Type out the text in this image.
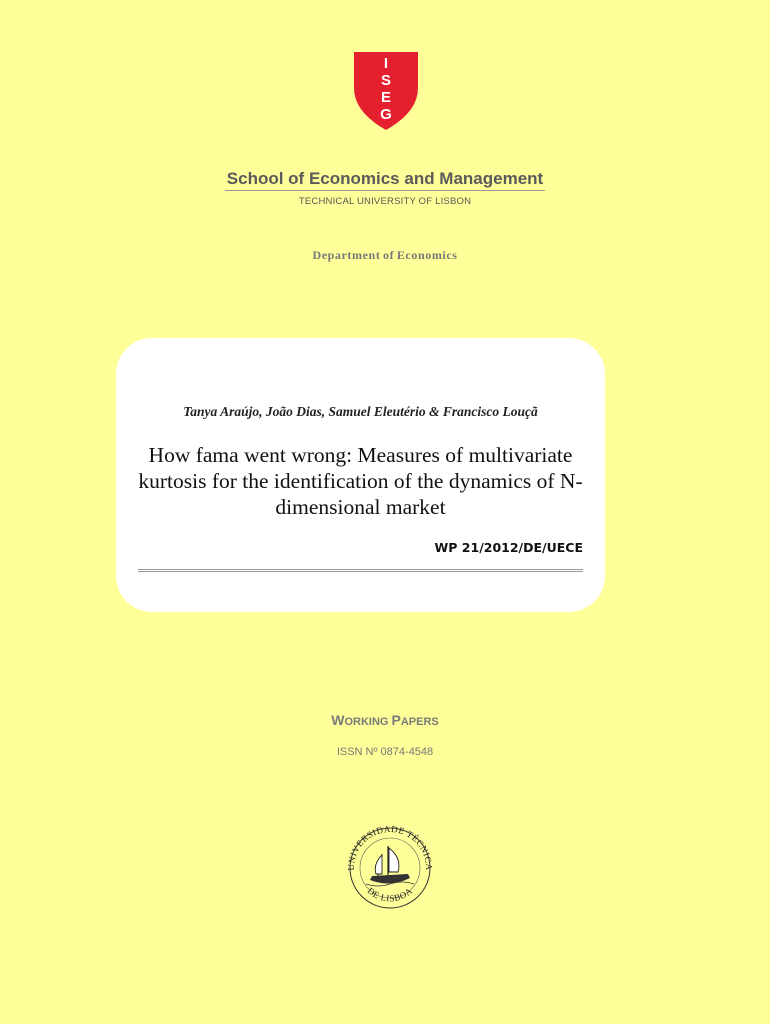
I
S
E
G
School of Economics and Management
TECHNICAL UNIVERSITY OF LISBON
Department of Economics
Tanya Araújo, João Dias, Samuel Eleutério & Francisco Louçã
How fama went wrong: Measures of multivariate kurtosis for the identification of the dynamics of N-dimensional market
WP 21/2012/DE/UECE
WORKING PAPERS
ISSN Nº 0874-4548
UNIVERSIDADE TÉCNICA
DE LISBOA
